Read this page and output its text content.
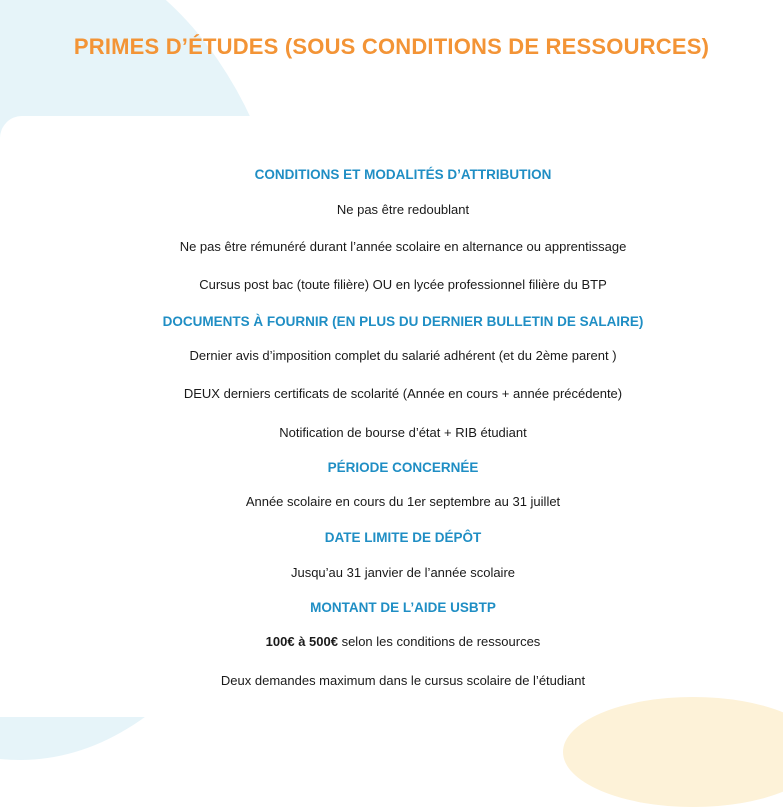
PRIMES D’ÉTUDES (SOUS CONDITIONS DE RESSOURCES)
CONDITIONS ET MODALITÉS D’ATTRIBUTION
Ne pas être redoublant
Ne pas être rémunéré durant l’année scolaire en alternance ou apprentissage
Cursus post bac (toute filière) OU en lycée professionnel filière du BTP
DOCUMENTS À FOURNIR (EN PLUS DU DERNIER BULLETIN DE SALAIRE)
Dernier avis d’imposition complet du salarié adhérent (et du 2ème parent )
DEUX derniers certificats de scolarité (Année en cours + année précédente)
Notification de bourse d’état + RIB étudiant
PÉRIODE CONCERNÉE
Année scolaire en cours du 1er septembre au 31 juillet
DATE LIMITE DE DÉPÔT
Jusqu’au 31 janvier de l’année scolaire
MONTANT DE L’AIDE USBTP
100€ à 500€ selon les conditions de ressources
Deux demandes maximum dans le cursus scolaire de l’étudiant
